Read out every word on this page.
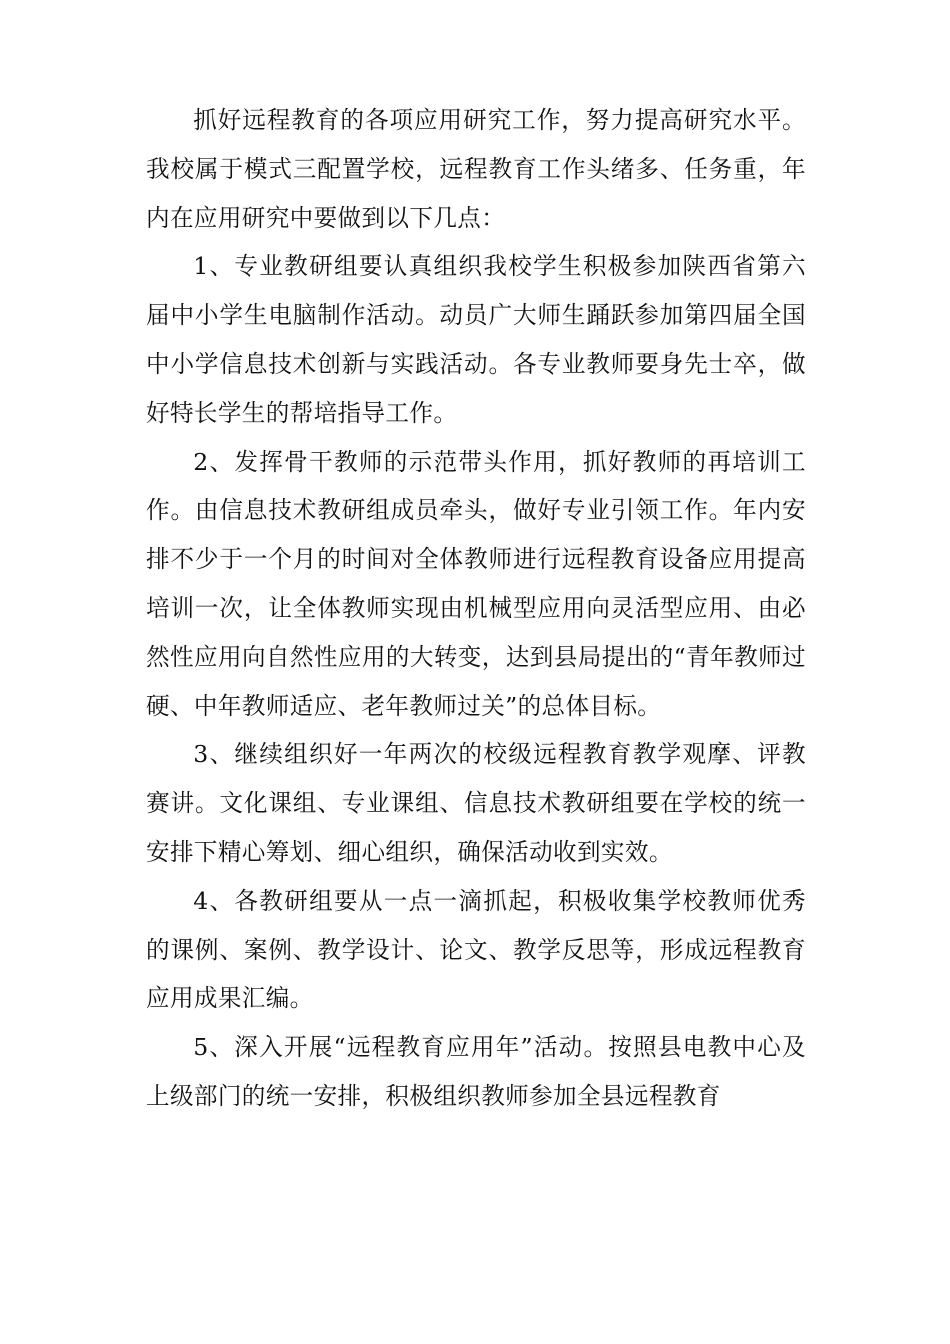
抓好远程教育的各项应用研究工作，努力提高研究水平。我校属于模式三配置学校，远程教育工作头绪多、任务重，年内在应用研究中要做到以下几点：

1、专业教研组要认真组织我校学生积极参加陕西省第六届中小学生电脑制作活动。动员广大师生踊跃参加第四届全国中小学信息技术创新与实践活动。各专业教师要身先士卒，做好特长学生的帮培指导工作。

2、发挥骨干教师的示范带头作用，抓好教师的再培训工作。由信息技术教研组成员牵头，做好专业引领工作。年内安排不少于一个月的时间对全体教师进行远程教育设备应用提高培训一次，让全体教师实现由机械型应用向灵活型应用、由必然性应用向自然性应用的大转变，达到县局提出的“青年教师过硬、中年教师适应、老年教师过关”的总体目标。

3、继续组织好一年两次的校级远程教育教学观摩、评教赛讲。文化课组、专业课组、信息技术教研组要在学校的统一安排下精心筹划、细心组织，确保活动收到实效。

4、各教研组要从一点一滴抓起，积极收集学校教师优秀的课例、案例、教学设计、论文、教学反思等，形成远程教育应用成果汇编。

5、深入开展“远程教育应用年”活动。按照县电教中心及上级部门的统一安排，积极组织教师参加全县远程教育
